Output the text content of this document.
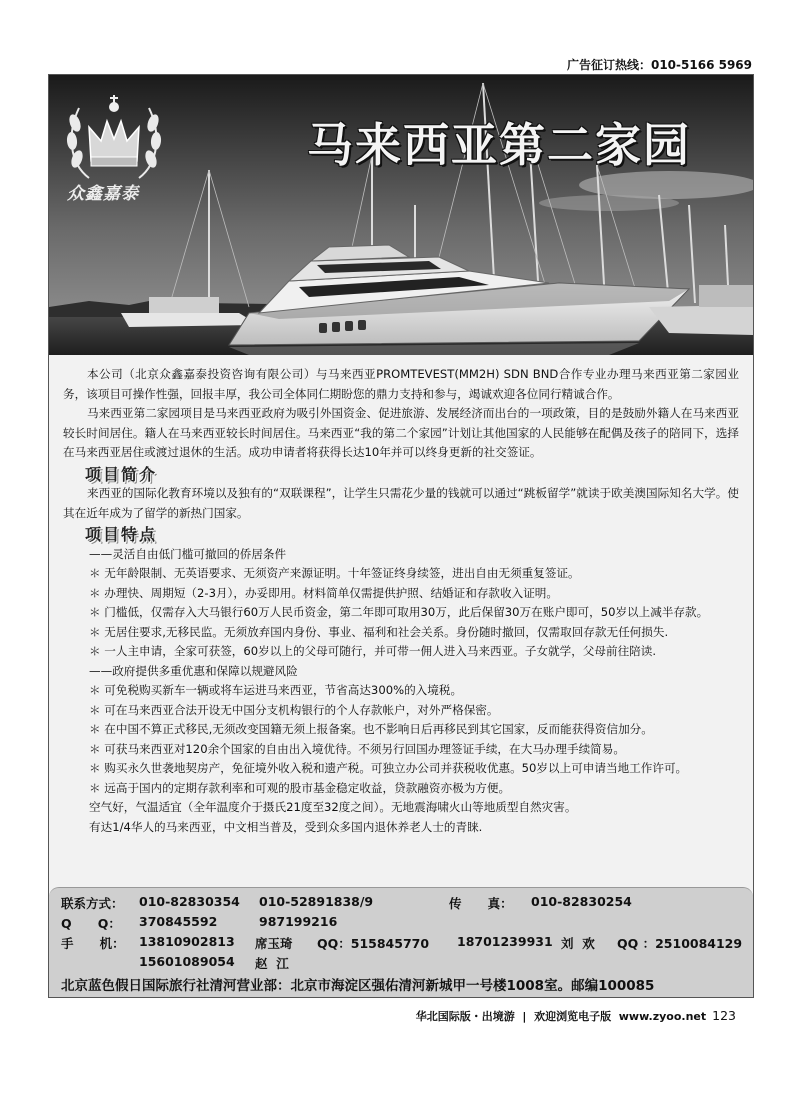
广告征订热线：010-5166 5969
众鑫嘉泰
马来西亚第二家园

本公司（北京众鑫嘉泰投资咨询有限公司）与马来西亚PROMTEVEST(MM2H) SDN BND合作专业办理马来西亚第二家园业务，该项目可操作性强，回报丰厚，我公司全体同仁期盼您的鼎力支持和参与，竭诚欢迎各位同行精诚合作。

马来西亚第二家园项目是马来西亚政府为吸引外国资金、促进旅游、发展经济而出台的一项政策，目的是鼓励外籍人在马来西亚较长时间居住。籍人在马来西亚较长时间居住。马来西亚“我的第二个家园”计划让其他国家的人民能够在配偶及孩子的陪同下，选择在马来西亚居住或渡过退休的生活。成功申请者将获得长达10年并可以终身更新的社交签证。

项目简介

来西亚的国际化教育环境以及独有的“双联课程”，让学生只需花少量的钱就可以通过“跳板留学”就读于欧美澳国际知名大学。使其在近年成为了留学的新热门国家。

项目特点

——灵活自由低门槛可撤回的侨居条件

＊ 无年龄限制、无英语要求、无须资产来源证明。十年签证终身续签，进出自由无须重复签证。

＊ 办理快、周期短（2-3月），办妥即用。材料简单仅需提供护照、结婚证和存款收入证明。

＊ 门槛低，仅需存入大马银行60万人民币资金，第二年即可取用30万，此后保留30万在账户即可，50岁以上减半存款。

＊ 无居住要求,无移民监。无须放弃国内身份、事业、福利和社会关系。身份随时撤回，仅需取回存款无任何损失.

＊ 一人主申请，全家可获签，60岁以上的父母可随行，并可带一佣人进入马来西亚。子女就学，父母前往陪读.

——政府提供多重优惠和保障以规避风险

＊ 可免税购买新车一辆或将车运进马来西亚，节省高达300%的入境税。

＊ 可在马来西亚合法开设无中国分支机构银行的个人存款帐户，对外严格保密。

＊ 在中国不算正式移民,无须改变国籍无须上报备案。也不影响日后再移民到其它国家，反而能获得资信加分。

＊ 可获马来西亚对120余个国家的自由出入境优待。不须另行回国办理签证手续，在大马办理手续简易。

＊ 购买永久世袭地契房产，免征境外收入税和遗产税。可独立办公司并获税收优惠。50岁以上可申请当地工作许可。

＊ 远高于国内的定期存款利率和可观的股市基金稳定收益，贷款融资亦极为方便。

空气好，气温适宜（全年温度介于摄氏21度至32度之间）。无地震海啸火山等地质型自然灾害。

有达1/4华人的马来西亚，中文相当普及，受到众多国内退休养老人士的青睐.

联系方式： 010-82830354 010-52891838/9	传      真： 010-82830254
Q      Q： 370845592	987199216
手      机： 13810902813 席玉琦 QQ：515845770 18701239931 刘  欢 QQ ：2510084129
15601089054 赵  江
北京蓝色假日国际旅行社清河营业部：北京市海淀区强佑清河新城甲一号楼1008室。邮编100085
华北国际版・出境游  |  欢迎浏览电子版 www.zyoo.net 123
